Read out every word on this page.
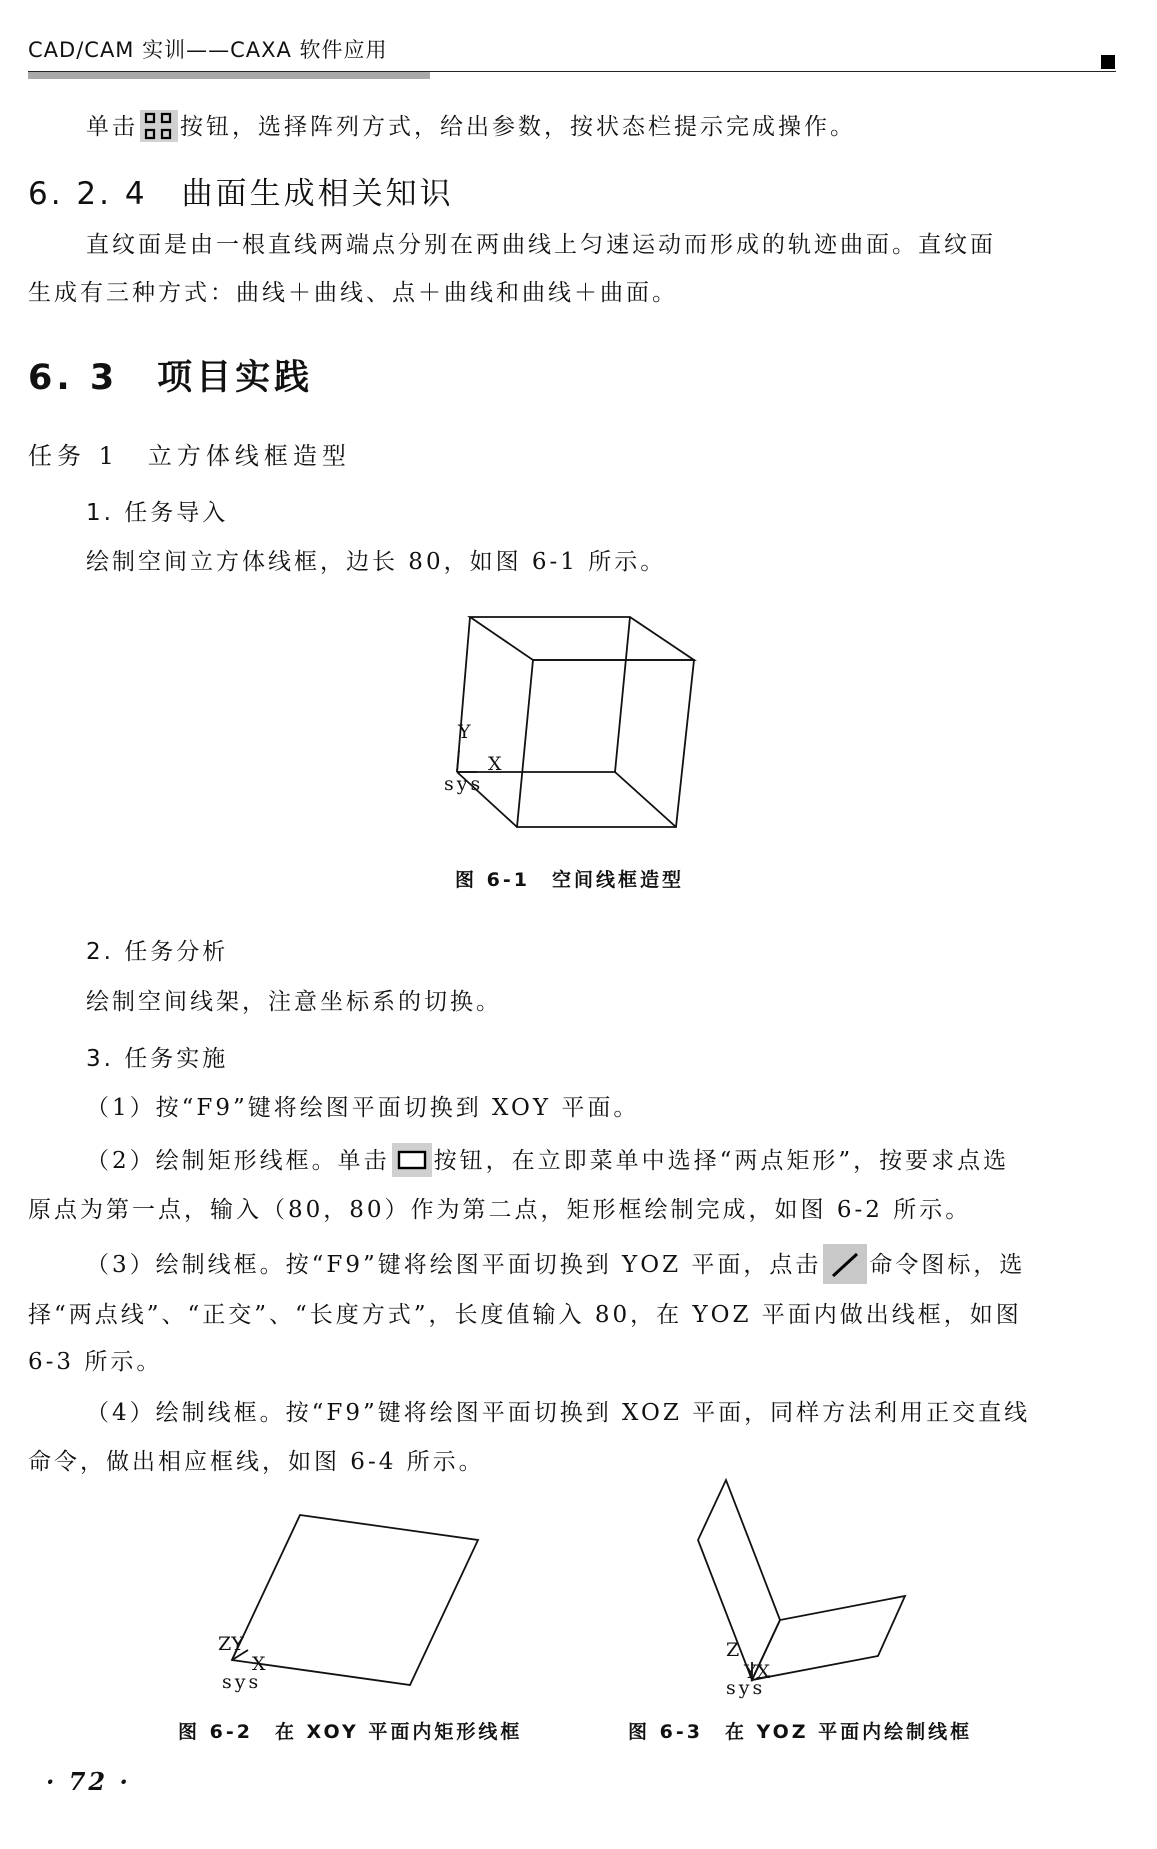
CAD/CAM 实训——CAXA 软件应用
单击 按钮，选择阵列方式，给出参数，按状态栏提示完成操作。
6. 2. 4　曲面生成相关知识
直纹面是由一根直线两端点分别在两曲线上匀速运动而形成的轨迹曲面。直纹面
生成有三种方式：曲线＋曲线、点＋曲线和曲线＋曲面。
6. 3　项目实践
任务 1　立方体线框造型
1. 任务导入
绘制空间立方体线框，边长 80，如图 6-1 所示。
Y
X
sys
图 6-1　空间线框造型
2. 任务分析
绘制空间线架，注意坐标系的切换。
3. 任务实施
（1）按“F9”键将绘图平面切换到 XOY 平面。
（2）绘制矩形线框。单击 按钮，在立即菜单中选择“两点矩形”，按要求点选
原点为第一点，输入（80，80）作为第二点，矩形框绘制完成，如图 6-2 所示。
（3）绘制线框。按“F9”键将绘图平面切换到 YOZ 平面，点击 命令图标，选
择“两点线”、“正交”、“长度方式”，长度值输入 80，在 YOZ 平面内做出线框，如图
6-3 所示。
（4）绘制线框。按“F9”键将绘图平面切换到 XOZ 平面，同样方法利用正交直线
命令，做出相应框线，如图 6-4 所示。
ZY
X
sys
图 6-2　在 XOY 平面内矩形线框
Z
YX
sys
图 6-3　在 YOZ 平面内绘制线框
· 72 ·
